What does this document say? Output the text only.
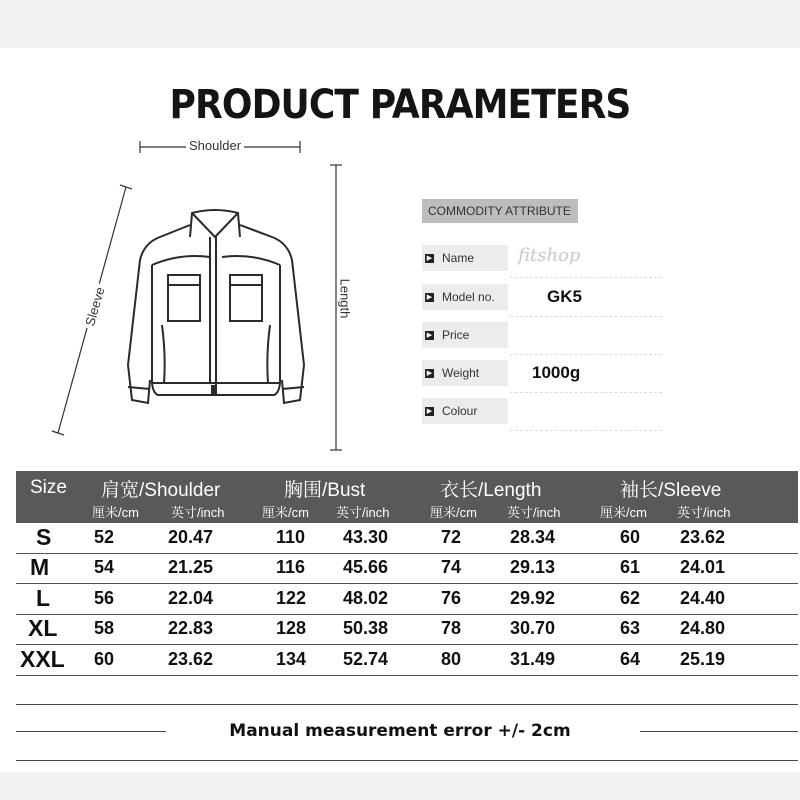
PRODUCT PARAMETERS
Shoulder
Length
Sleeve
COMMODITY ATTRIBUTE
▶ Name	fitshop
▶ Model no.	GK5
▶ Price
▶ Weight	1000g
▶ Colour
Size 肩宽/Shoulder
厘米/cm 英寸/inch
胸围/Bust
厘米/cm 英寸/inch
衣长/Length
厘米/cm 英寸/inch
袖长/Sleeve
厘米/cm 英寸/inch
S 52	20.47	110 43.30	72	28.34	60 23.62
M 54	21.25	116 45.66	74	29.13	61 24.01
L 56	22.04	122 48.02	76	29.92	62 24.40
XL 58	22.83	128 50.38	78	30.70	63 24.80
XXL 60	23.62	134 52.74	80	31.49	64 25.19
Manual measurement error +/- 2cm
